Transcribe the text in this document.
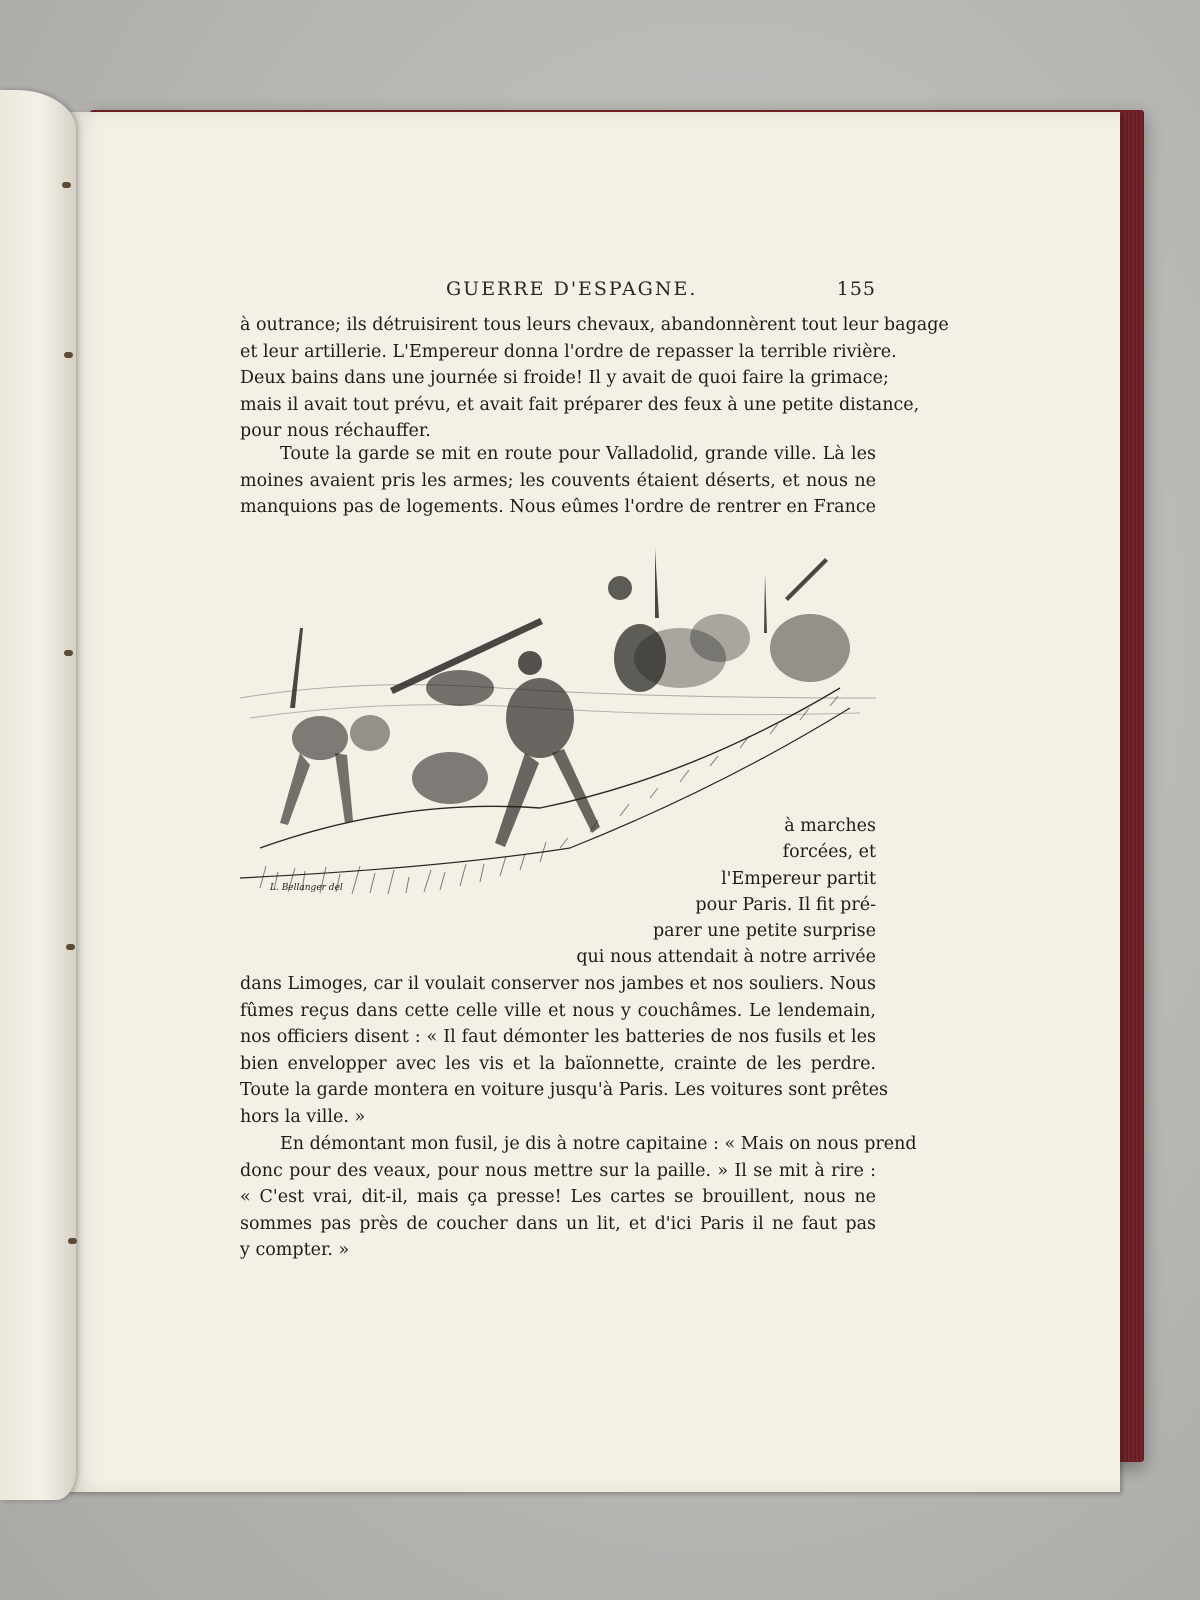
GUERRE D'ESPAGNE.	155
à outrance; ils détruisirent tous leurs chevaux, abandonnèrent tout leur bagage
et leur artillerie. L'Empereur donna l'ordre de repasser la terrible rivière.
Deux bains dans une journée si froide! Il y avait de quoi faire la grimace;
mais il avait tout prévu, et avait fait préparer des feux à une petite distance,
pour nous réchauffer.
Toute la garde se mit en route pour Valladolid, grande ville. Là les
moines avaient pris les armes; les couvents étaient déserts, et nous ne
manquions pas de logements. Nous eûmes l'ordre de rentrer en France
L. Bellanger del
à marches
forcées, et
l'Empereur partit
pour Paris. Il fit pré-
parer une petite surprise
qui nous attendait à notre arrivée
dans Limoges, car il voulait conserver nos jambes et nos souliers. Nous
fûmes reçus dans cette celle ville et nous y couchâmes. Le lendemain,
nos officiers disent : « Il faut démonter les batteries de nos fusils et les
bien envelopper avec les vis et la baïonnette, crainte de les perdre.
Toute la garde montera en voiture jusqu'à Paris. Les voitures sont prêtes
hors la ville. »
En démontant mon fusil, je dis à notre capitaine : « Mais on nous prend
donc pour des veaux, pour nous mettre sur la paille. » Il se mit à rire :
« C'est vrai, dit-il, mais ça presse! Les cartes se brouillent, nous ne
sommes pas près de coucher dans un lit, et d'ici Paris il ne faut pas
y compter. »
